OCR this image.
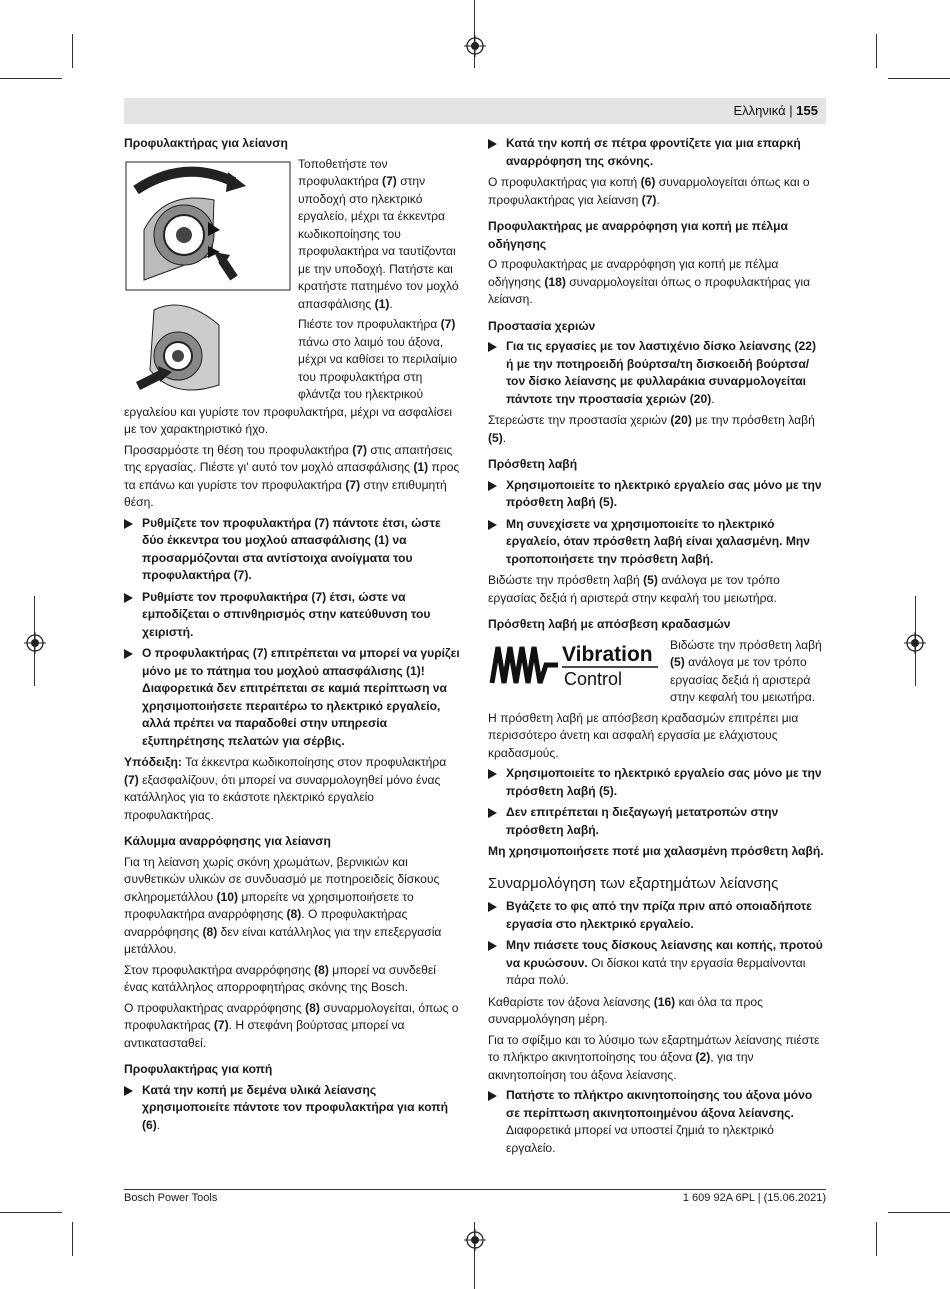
Ελληνικά | 155
Προφυλακτήρας για λείανση

Τοποθετήστε τον προφυλακτήρα (7) στην υποδοχή στο ηλεκτρικό εργαλείο, μέχρι τα έκκεντρα κωδικοποίησης του προφυλακτήρα να ταυτίζονται με την υποδοχή. Πατήστε και κρατήστε πατημένο τον μοχλό απασφάλισης (1).

Πιέστε τον προφυλακτήρα (7) πάνω στο λαιμό του άξονα, μέχρι να καθίσει το περιλαίμιο του προφυλακτήρα στη φλάντζα του ηλεκτρικού εργαλείου και γυρίστε τον προφυλακτήρα, μέχρι να ασφαλίσει με τον χαρακτηριστικό ήχο.

Προσαρμόστε τη θέση του προφυλακτήρα (7) στις απαιτήσεις της εργασίας. Πιέστε γι' αυτό τον μοχλό απασφάλισης (1) προς τα επάνω και γυρίστε τον προφυλακτήρα (7) στην επιθυμητή θέση.

Ρυθμίζετε τον προφυλακτήρα (7) πάντοτε έτσι, ώστε δύο έκκεντρα του μοχλού απασφάλισης (1) να προσαρμόζονται στα αντίστοιχα ανοίγματα του προφυλακτήρα (7).
Ρυθμίστε τον προφυλακτήρα (7) έτσι, ώστε να εμποδίζεται ο σπινθηρισμός στην κατεύθυνση του χειριστή.
Ο προφυλακτήρας (7) επιτρέπεται να μπορεί να γυρίζει μόνο με το πάτημα του μοχλού απασφάλισης (1)! Διαφορετικά δεν επιτρέπεται σε καμιά περίπτωση να χρησιμοποιήσετε περαιτέρω το ηλεκτρικό εργαλείο, αλλά πρέπει να παραδοθεί στην υπηρεσία εξυπηρέτησης πελατών για σέρβις.

Υπόδειξη: Τα έκκεντρα κωδικοποίησης στον προφυλακτήρα (7) εξασφαλίζουν, ότι μπορεί να συναρμολογηθεί μόνο ένας κατάλληλος για το εκάστοτε ηλεκτρικό εργαλείο προφυλακτήρας.

Κάλυμμα αναρρόφησης για λείανση

Για τη λείανση χωρίς σκόνη χρωμάτων, βερνικιών και συνθετικών υλικών σε συνδυασμό με ποτηροειδείς δίσκους σκληρομετάλλου (10) μπορείτε να χρησιμοποιήσετε το προφυλακτήρα αναρρόφησης (8). Ο προφυλακτήρας αναρρόφησης (8) δεν είναι κατάλληλος για την επεξεργασία μετάλλου.

Στον προφυλακτήρα αναρρόφησης (8) μπορεί να συνδεθεί ένας κατάλληλος απορροφητήρας σκόνης της Bosch.

Ο προφυλακτήρας αναρρόφησης (8) συναρμολογείται, όπως ο προφυλακτήρας (7). Η στεφάνη βούρτσας μπορεί να αντικατασταθεί.

Προφυλακτήρας για κοπή
Κατά την κοπή με δεμένα υλικά λείανσης χρησιμοποιείτε πάντοτε τον προφυλακτήρα για κοπή (6).
Κατά την κοπή σε πέτρα φροντίζετε για μια επαρκή αναρρόφηση της σκόνης.

Ο προφυλακτήρας για κοπή (6) συναρμολογείται όπως και ο προφυλακτήρας για λείανση (7).

Προφυλακτήρας με αναρρόφηση για κοπή με πέλμα οδήγησης

Ο προφυλακτήρας με αναρρόφηση για κοπή με πέλμα οδήγησης (18) συναρμολογείται όπως ο προφυλακτήρας για λείανση.

Προστασία χεριών
Για τις εργασίες με τον λαστιχένιο δίσκο λείανσης (22) ή με την ποτηροειδή βούρτσα/τη δισκοειδή βούρτσα/τον δίσκο λείανσης με φυλλαράκια συναρμολογείται πάντοτε την προστασία χεριών (20).

Στερεώστε την προστασία χεριών (20) με την πρόσθετη λαβή (5).

Πρόσθετη λαβή
Χρησιμοποιείτε το ηλεκτρικό εργαλείο σας μόνο με την πρόσθετη λαβή (5).
Μη συνεχίσετε να χρησιμοποιείτε το ηλεκτρικό εργαλείο, όταν πρόσθετη λαβή είναι χαλασμένη. Μην τροποποιήσετε την πρόσθετη λαβή.

Βιδώστε την πρόσθετη λαβή (5) ανάλογα με τον τρόπο εργασίας δεξιά ή αριστερά στην κεφαλή του μειωτήρα.

Πρόσθετη λαβή με απόσβεση κραδασμών
Vibration
Control

Βιδώστε την πρόσθετη λαβή (5) ανάλογα με τον τρόπο εργασίας δεξιά ή αριστερά στην κεφαλή του μειωτήρα.

Η πρόσθετη λαβή με απόσβεση κραδασμών επιτρέπει μια περισσότερο άνετη και ασφαλή εργασία με ελάχιστους κραδασμούς.

Χρησιμοποιείτε το ηλεκτρικό εργαλείο σας μόνο με την πρόσθετη λαβή (5).
Δεν επιτρέπεται η διεξαγωγή μετατροπών στην πρόσθετη λαβή.

Μη χρησιμοποιήσετε ποτέ μια χαλασμένη πρόσθετη λαβή.

Συναρμολόγηση των εξαρτημάτων λείανσης
Βγάζετε το φις από την πρίζα πριν από οποιαδήποτε εργασία στο ηλεκτρικό εργαλείο.
Μην πιάσετε τους δίσκους λείανσης και κοπής, προτού να κρυώσουν. Οι δίσκοι κατά την εργασία θερμαίνονται πάρα πολύ.

Καθαρίστε τον άξονα λείανσης (16) και όλα τα προς συναρμολόγηση μέρη.

Για το σφίξιμο και το λύσιμο των εξαρτημάτων λείανσης πιέστε το πλήκτρο ακινητοποίησης του άξονα (2), για την ακινητοποίηση του άξονα λείανσης.

Πατήστε το πλήκτρο ακινητοποίησης του άξονα μόνο σε περίπτωση ακινητοποιημένου άξονα λείανσης. Διαφορετικά μπορεί να υποστεί ζημιά το ηλεκτρικό εργαλείο.
Bosch Power Tools	1 609 92A 6PL | (15.06.2021)
